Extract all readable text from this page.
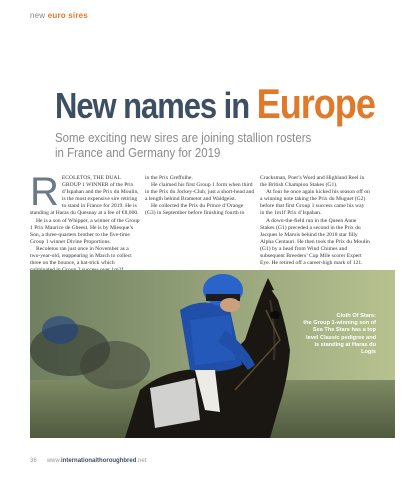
new euro sires
New names in Europe
Some exciting new sires are joining stallion rosters in France and Germany for 2019
R ECOLETOS, THE DUAL GROUP 1 WINNER of the Prix d’Ispahan and the Prix du Moulin, is the most expensive sire retiring to stand in France for 2019. He is standing at Haras du Quesnay at a fee of €8,000.

He is a son of Whipper, a winner of the Group 1 Prix Maurice de Gheest. He is by Miesque’s Son, a three-quarters brother to the five-time Group 1 winner Divine Proportions.

Recoletos ran just once in November as a two-year-old, reappearing in March to collect three on the bounce, a hat-trick which

in the Prix Greffulhe.

He claimed his first Group 1 form when third in the Prix du Jockey-Club, just a short-head and a length behind Brametot and Waldgeist.

He collected the Prix du Prince d’Orange (G3) in September before finishing fourth to

Cracksman, Poet’s Word and Highland Reel in the British Champion Stakes (G1).

At four he once again kicked his season off on a winning note taking the Prix du Muguet (G2) before that first Group 1 success came his way in the 1m1f Prix d’Ispahan.

A down-the-field run in the Queen Anne Stakes (G1) preceded a second in the Prix du Jacques le Marois behind the 2018 star filly Alpha Centauri. He then took the Prix du Moulin (G1) by a head from Wind Chimes and subsequent Breeders’ Cup Mile scorer Expert Eye. He retired off a career-high mark of 121.

Cloth Of Stars:
the Group 1-winning son of Sea The Stars has a top level Classic pedigree and is standing at Haras du Logis
36 www.internationalthoroughbred.net
